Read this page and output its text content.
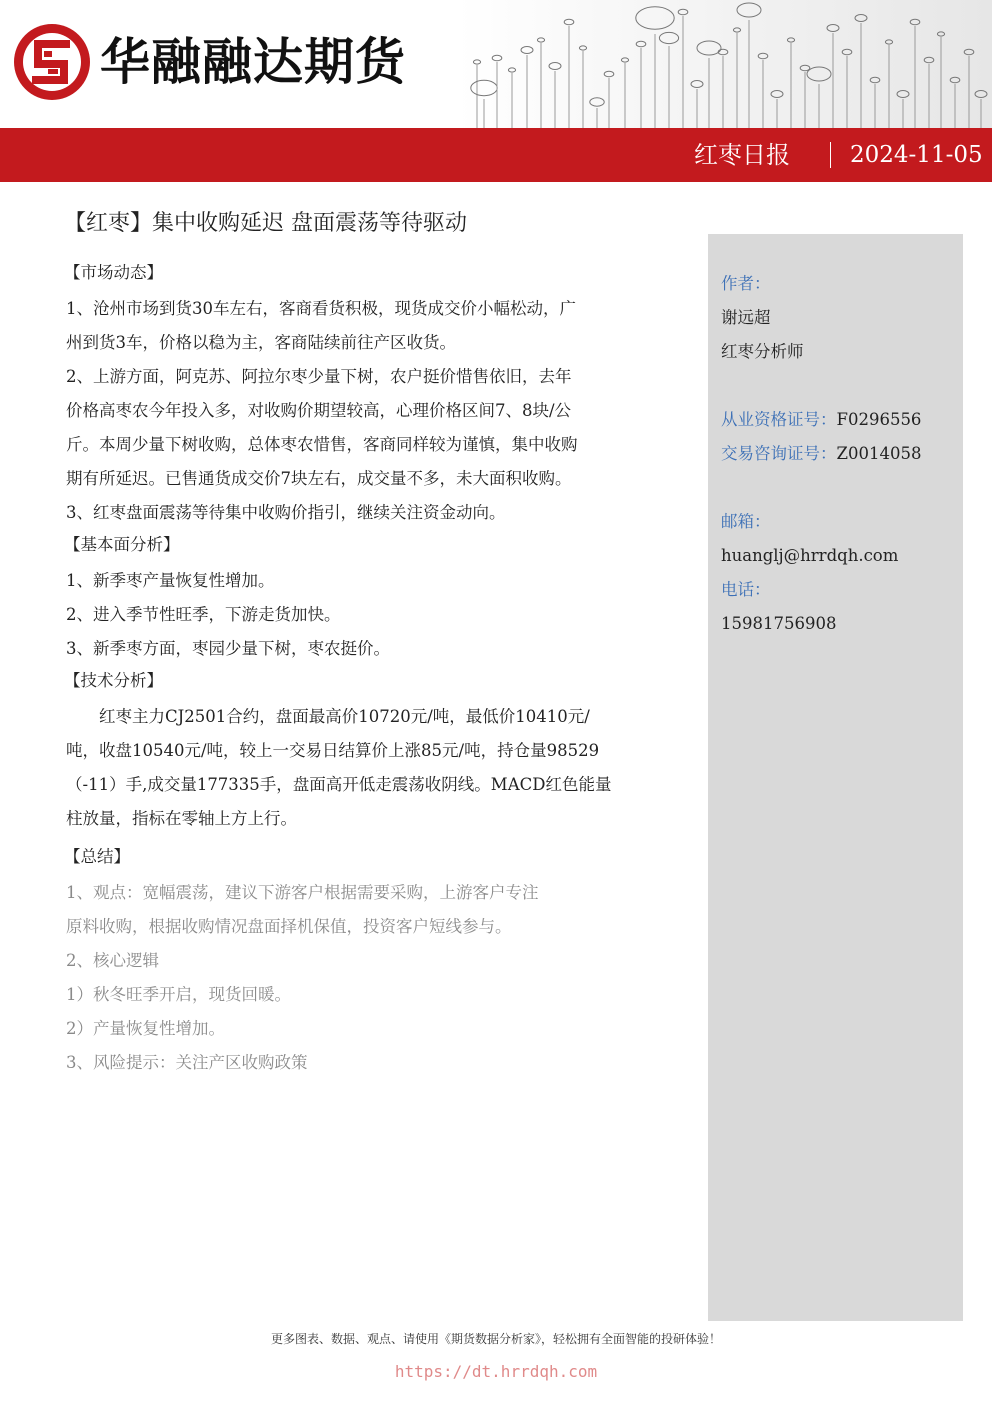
华融融达期货
红枣日报	2024-11-05
【红枣】集中收购延迟 盘面震荡等待驱动
【市场动态】

1、沧州市场到货30车左右，客商看货积极，现货成交价小幅松动，广

州到货3车，价格以稳为主，客商陆续前往产区收货。

2、上游方面，阿克苏、阿拉尔枣少量下树，农户挺价惜售依旧，去年

价格高枣农今年投入多，对收购价期望较高，心理价格区间7、8块/公

斤。本周少量下树收购，总体枣农惜售，客商同样较为谨慎，集中收购

期有所延迟。已售通货成交价7块左右，成交量不多，未大面积收购。

3、红枣盘面震荡等待集中收购价指引，继续关注资金动向。

【基本面分析】

1、新季枣产量恢复性增加。

2、进入季节性旺季，下游走货加快。

3、新季枣方面，枣园少量下树，枣农挺价。

【技术分析】

红枣主力CJ2501合约，盘面最高价10720元/吨，最低价10410元/

吨，收盘10540元/吨，较上一交易日结算价上涨85元/吨，持仓量98529

（-11）手,成交量177335手，盘面高开低走震荡收阴线。MACD红色能量

柱放量，指标在零轴上方上行。

【总结】

1、观点：宽幅震荡，建议下游客户根据需要采购，上游客户专注

原料收购，根据收购情况盘面择机保值，投资客户短线参与。

2、核心逻辑

1）秋冬旺季开启，现货回暖。

2）产量恢复性增加。

3、风险提示：关注产区收购政策

作者：
谢远超
红枣分析师
从业资格证号：F0296556
交易咨询证号：Z0014058
邮箱：
huanglj@hrrdqh.com
电话：
15981756908
更多图表、数据、观点、请使用《期货数据分析家》，轻松拥有全面智能的投研体验！
https://dt.hrrdqh.com
